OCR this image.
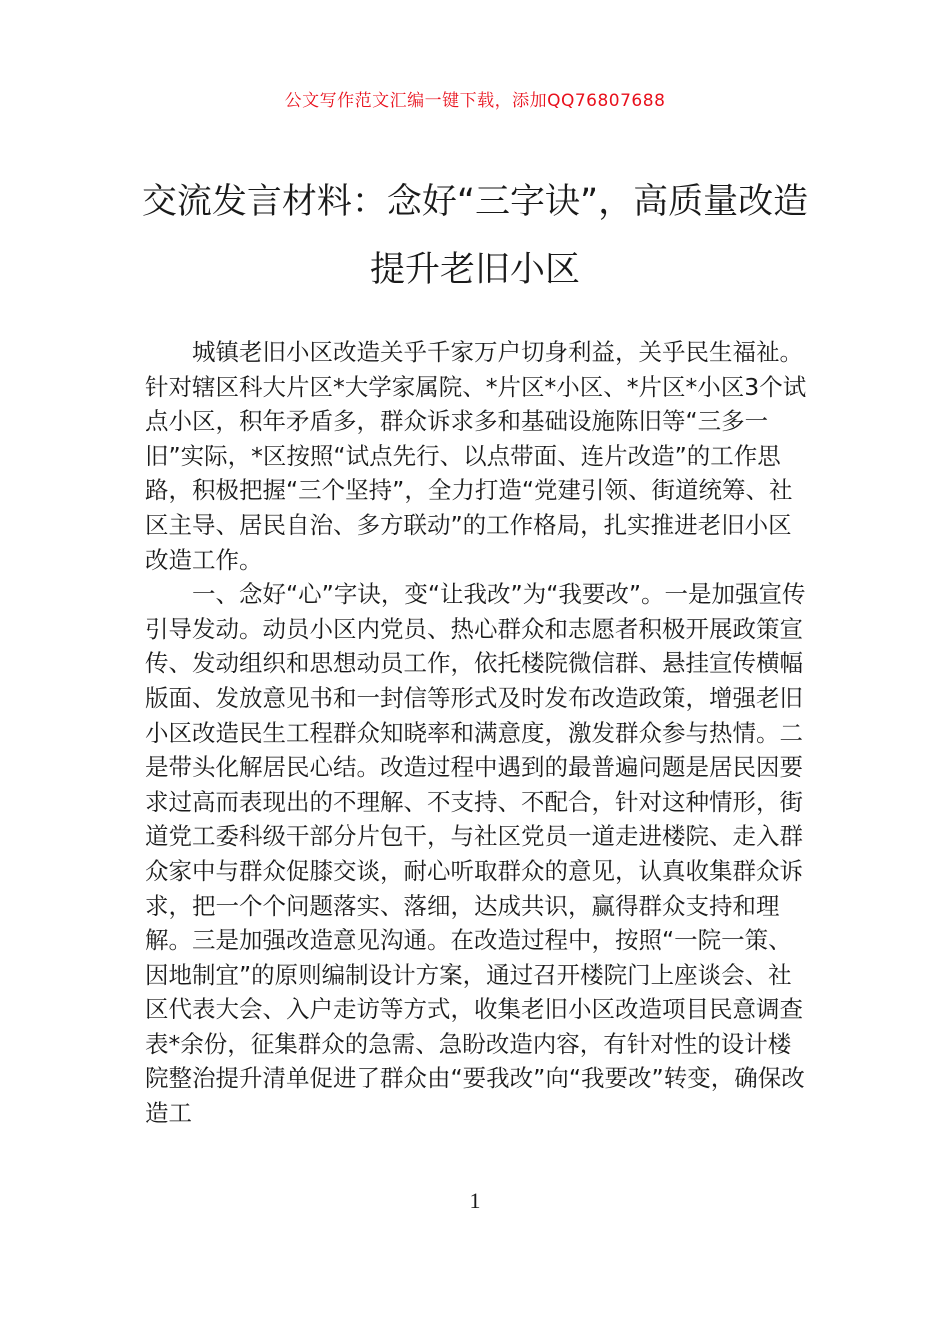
公文写作范文汇编一键下载，添加QQ76807688
交流发言材料：念好“三字诀”，高质量改造提升老旧小区

城镇老旧小区改造关乎千家万户切身利益，关乎民生福祉。针对辖区科大片区*大学家属院、*片区*小区、*片区*小区3个试点小区，积年矛盾多，群众诉求多和基础设施陈旧等“三多一旧”实际，*区按照“试点先行、以点带面、连片改造”的工作思路，积极把握“三个坚持”，全力打造“党建引领、街道统筹、社区主导、居民自治、多方联动”的工作格局，扎实推进老旧小区改造工作。

一、念好“心”字诀，变“让我改”为“我要改”。一是加强宣传引导发动。动员小区内党员、热心群众和志愿者积极开展政策宣传、发动组织和思想动员工作，依托楼院微信群、悬挂宣传横幅版面、发放意见书和一封信等形式及时发布改造政策，增强老旧小区改造民生工程群众知晓率和满意度，激发群众参与热情。二是带头化解居民心结。改造过程中遇到的最普遍问题是居民因要求过高而表现出的不理解、不支持、不配合，针对这种情形，街道党工委科级干部分片包干，与社区党员一道走进楼院、走入群众家中与群众促膝交谈，耐心听取群众的意见，认真收集群众诉求，把一个个问题落实、落细，达成共识，赢得群众支持和理解。三是加强改造意见沟通。在改造过程中，按照“一院一策、因地制宜”的原则编制设计方案，通过召开楼院门上座谈会、社区代表大会、入户走访等方式，收集老旧小区改造项目民意调查表*余份，征集群众的急需、急盼改造内容，有针对性的设计楼院整治提升清单促进了群众由“要我改”向“我要改”转变，确保改造工

1
